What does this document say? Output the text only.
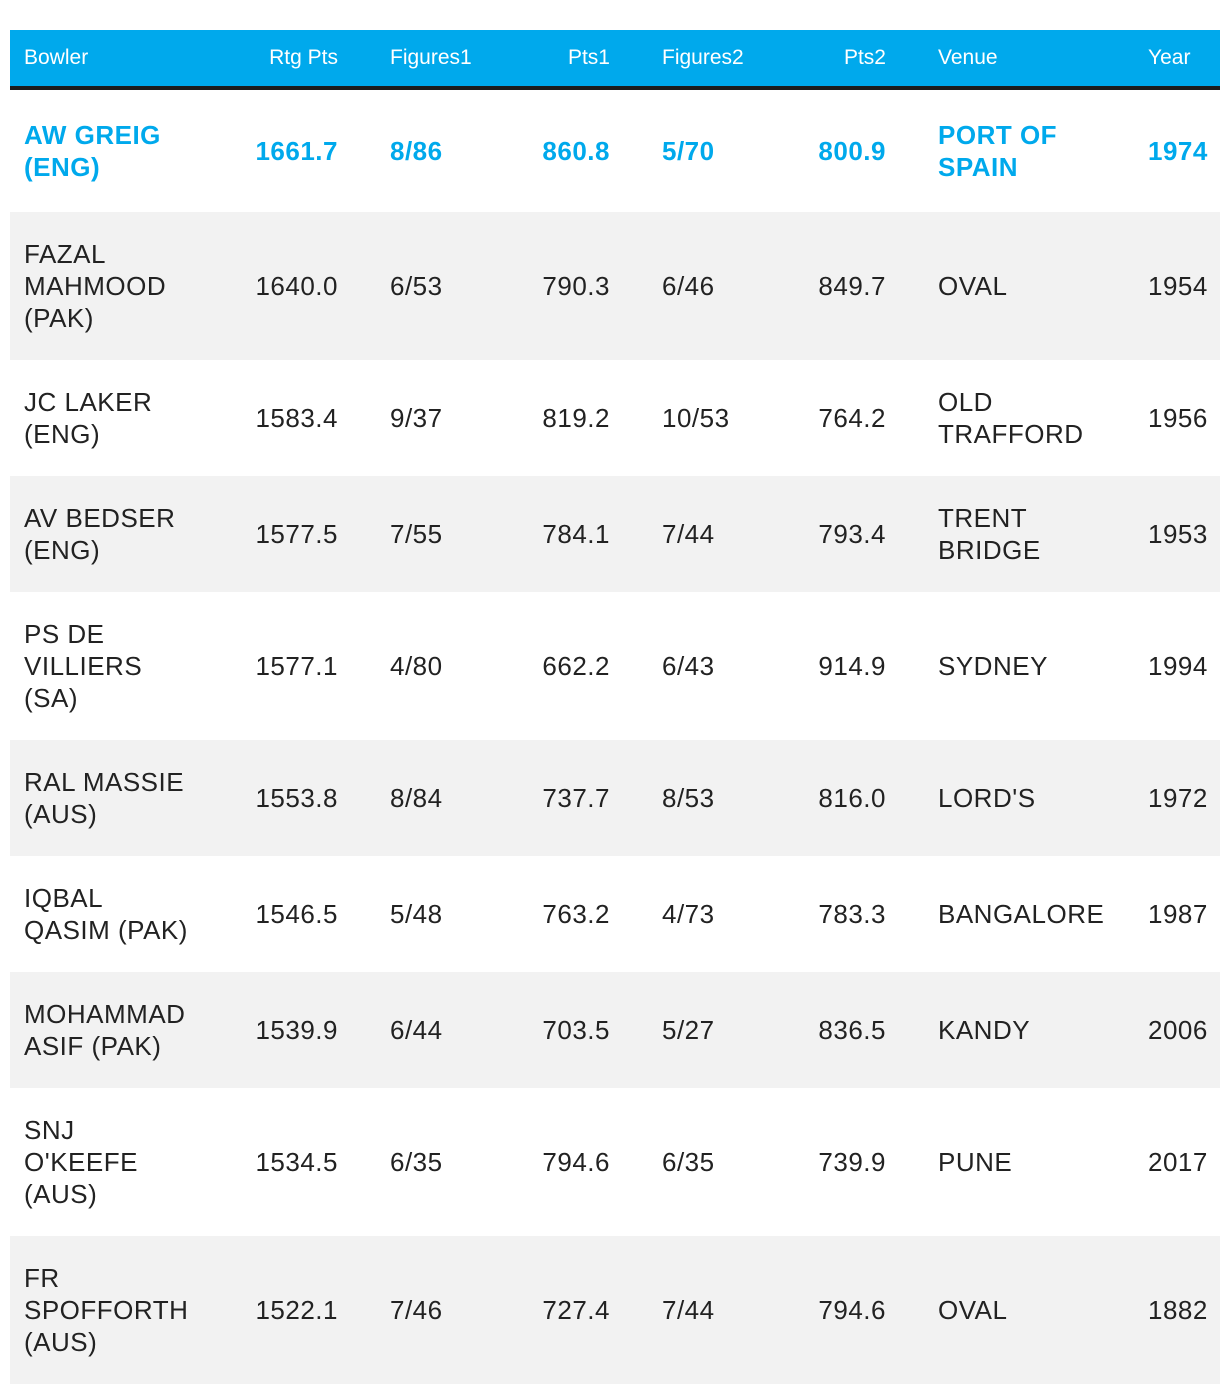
Bowler	Rtg Pts	Figures1	Pts1	Figures2	Pts2	Venue	Year
AW GREIG (ENG)	1661.7	8/86	860.8	5/70	800.9	PORT OF SPAIN	1974
FAZAL MAHMOOD (PAK)	1640.0	6/53	790.3	6/46	849.7	OVAL	1954
JC LAKER (ENG)	1583.4	9/37	819.2	10/53	764.2	OLD TRAFFORD	1956
AV BEDSER (ENG)	1577.5	7/55	784.1	7/44	793.4	TRENT BRIDGE	1953
PS DE VILLIERS (SA)	1577.1	4/80	662.2	6/43	914.9	SYDNEY	1994
RAL MASSIE (AUS)	1553.8	8/84	737.7	8/53	816.0	LORD'S	1972
IQBAL QASIM (PAK)	1546.5	5/48	763.2	4/73	783.3	BANGALORE	1987
MOHAMMAD ASIF (PAK)	1539.9	6/44	703.5	5/27	836.5	KANDY	2006
SNJ O'KEEFE (AUS)	1534.5	6/35	794.6	6/35	739.9	PUNE	2017
FR SPOFFORTH (AUS)	1522.1	7/46	727.4	7/44	794.6	OVAL	1882
